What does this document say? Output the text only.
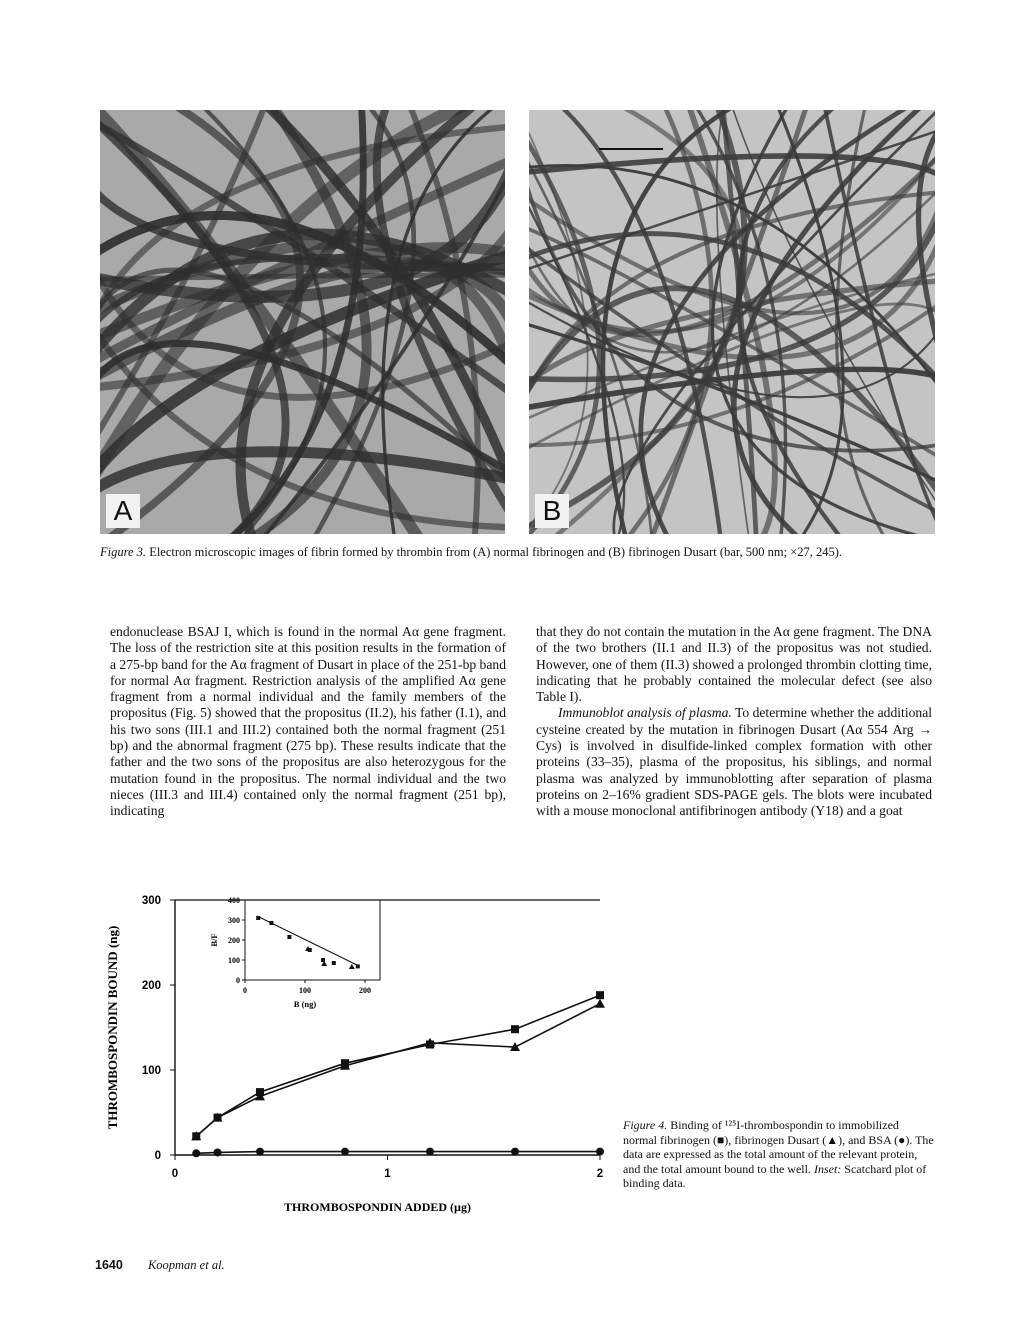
A	B
Figure 3. Electron microscopic images of fibrin formed by thrombin from (A) normal fibrinogen and (B) fibrinogen Dusart (bar, 500 nm; ×27, 245).

endonuclease BSAJ I, which is found in the normal Aα gene fragment. The loss of the restriction site at this position results in the formation of a 275-bp band for the Aα fragment of Dusart in place of the 251-bp band for normal Aα fragment. Restriction analysis of the amplified Aα gene fragment from a normal individual and the family members of the propositus (Fig. 5) showed that the propositus (II.2), his father (I.1), and his two sons (III.1 and III.2) contained both the normal fragment (251 bp) and the abnormal fragment (275 bp). These results indicate that the father and the two sons of the propositus are also heterozygous for the mutation found in the propositus. The normal individual and the two nieces (III.3 and III.4) contained only the normal fragment (251 bp), indicating

that they do not contain the mutation in the Aα gene fragment. The DNA of the two brothers (II.1 and II.3) of the propositus was not studied. However, one of them (II.3) showed a prolonged thrombin clotting time, indicating that he probably contained the molecular defect (see also Table I).

Immunoblot analysis of plasma. To determine whether the additional cysteine created by the mutation in fibrinogen Dusart (Aα 554 Arg → Cys) is involved in disulfide-linked complex formation with other proteins (33–35), plasma of the propositus, his siblings, and normal plasma was analyzed by immunoblotting after separation of plasma proteins on 2–16% gradient SDS-PAGE gels. The blots were incubated with a mouse monoclonal antifibrinogen antibody (Y18) and a goat

0
100
200
300
0	1	2
THROMBOSPONDIN ADDED (µg)
THROMBOSPONDIN BOUND (ng)	0
100
200
300
400
0	100	200
B (ng)
B/F
Figure 4. Binding of ¹²⁵I-thrombospondin to immobilized normal fibrinogen (■), fibrinogen Dusart (▲), and BSA (●). The data are expressed as the total amount of the relevant protein, and the total amount bound to the well. Inset: Scatchard plot of binding data.
1640 Koopman et al.
